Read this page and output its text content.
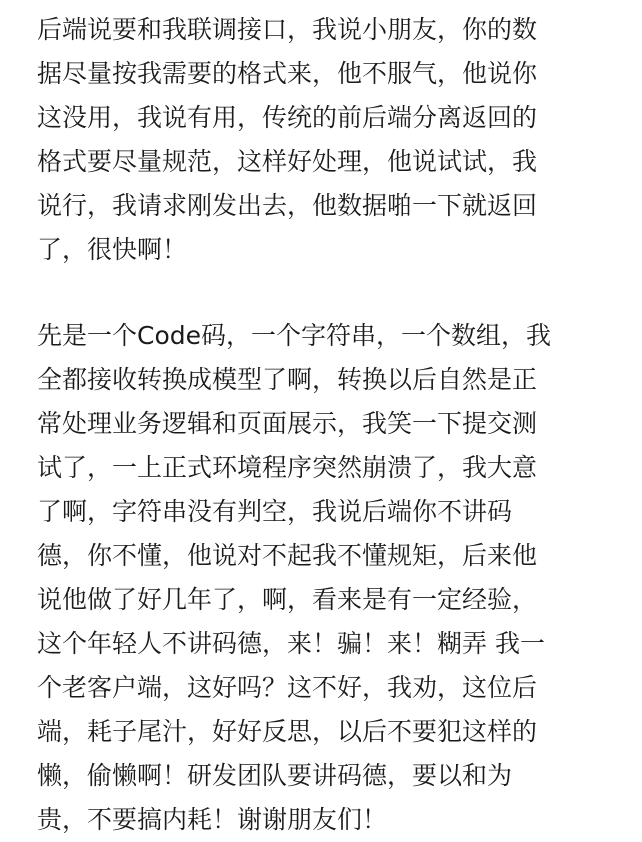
后端说要和我联调接口，我说小朋友，你的数
据尽量按我需要的格式来，他不服气，他说你
这没用，我说有用，传统的前后端分离返回的
格式要尽量规范，这样好处理，他说试试，我
说行，我请求刚发出去，他数据啪一下就返回
了，很快啊！
先是一个Code码，一个字符串，一个数组，我
全都接收转换成模型了啊，转换以后自然是正
常处理业务逻辑和页面展示，我笑一下提交测
试了，一上正式环境程序突然崩溃了，我大意
了啊，字符串没有判空，我说后端你不讲码
德，你不懂，他说对不起我不懂规矩，后来他
说他做了好几年了，啊，看来是有一定经验，
这个年轻人不讲码德，来！骗！来！糊弄 我一
个老客户端，这好吗？这不好，我劝，这位后
端，耗子尾汁，好好反思，以后不要犯这样的
懒，偷懒啊！研发团队要讲码德，要以和为
贵，不要搞内耗！谢谢朋友们！
